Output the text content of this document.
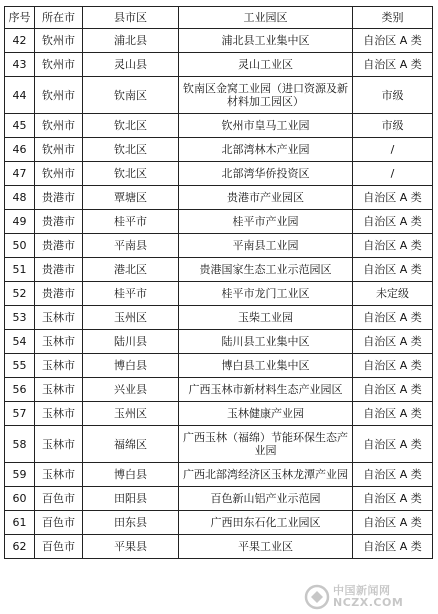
序号	所在市	县市区	工业园区	类别
42	钦州市	浦北县	浦北县工业集中区	自治区 A 类
43	钦州市	灵山县	灵山工业区	自治区 A 类
44	钦州市	钦南区	钦南区金窝工业园（进口资源及新材料加工园区）	市级
45	钦州市	钦北区	钦州市皇马工业园	市级
46	钦州市	钦北区	北部湾林木产业园	/
47	钦州市	钦北区	北部湾华侨投资区	/
48	贵港市	覃塘区	贵港市产业园区	自治区 A 类
49	贵港市	桂平市	桂平市产业园	自治区 A 类
50	贵港市	平南县	平南县工业园	自治区 A 类
51	贵港市	港北区	贵港国家生态工业示范园区	自治区 A 类
52	贵港市	桂平市	桂平市龙门工业区	未定级
53	玉林市	玉州区	玉柴工业园	自治区 A 类
54	玉林市	陆川县	陆川县工业集中区	自治区 A 类
55	玉林市	博白县	博白县工业集中区	自治区 A 类
56	玉林市	兴业县	广西玉林市新材料生态产业园区	自治区 A 类
57	玉林市	玉州区	玉林健康产业园	自治区 A 类
58	玉林市	福绵区	广西玉林（福绵）节能环保生态产业园	自治区 A 类
59	玉林市	博白县	广西北部湾经济区玉林龙潭产业园	自治区 A 类
60	百色市	田阳县	百色新山铝产业示范园	自治区 A 类
61	百色市	田东县	广西田东石化工业园区	自治区 A 类
62	百色市	平果县	平果工业区	自治区 A 类
中国新闻网
NCZX.COM
